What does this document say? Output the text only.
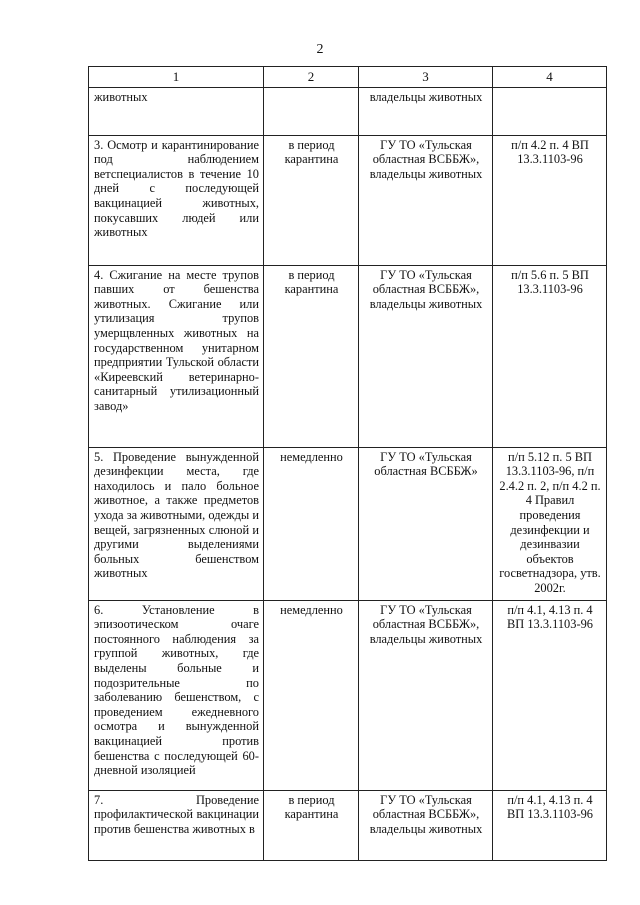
2
1	2	3	4
животных		владельцы животных	
3. Осмотр и карантинирование под наблюдением ветспециалистов в течение 10 дней с последующей вакцинацией животных, покусавших людей или животных	в период карантина	ГУ ТО «Тульская областная ВСББЖ», владельцы животных	п/п 4.2 п. 4 ВП 13.3.1103-96
4. Сжигание на месте трупов павших от бешенства животных. Сжигание или утилизация трупов умерщвленных животных на государственном унитарном предприятии Тульской области «Киреевский ветеринарно-санитарный утилизационный завод»	в период карантина	ГУ ТО «Тульская областная ВСББЖ», владельцы животных	п/п 5.6 п. 5 ВП 13.3.1103-96
5. Проведение вынужденной дезинфекции места, где находилось и пало больное животное, а также предметов ухода за животными, одежды и вещей, загрязненных слюной и другими выделениями больных бешенством животных	немедленно	ГУ ТО «Тульская областная ВСББЖ»	п/п 5.12 п. 5 ВП 13.3.1103-96, п/п 2.4.2 п. 2, п/п 4.2 п. 4 Правил проведения дезинфекции и дезинвазии объектов госветнадзора, утв. 2002г.
6. Установление в эпизоотическом очаге постоянного наблюдения за группой животных, где выделены больные и подозрительные по заболеванию бешенством, с проведением ежедневного осмотра и вынужденной вакцинацией против бешенства с последующей 60-дневной изоляцией	немедленно	ГУ ТО «Тульская областная ВСББЖ», владельцы животных	п/п 4.1, 4.13 п. 4 ВП 13.3.1103-96
7. Проведение профилактической вакцинации против бешенства животных в	в период карантина	ГУ ТО «Тульская областная ВСББЖ», владельцы животных	п/п 4.1, 4.13 п. 4 ВП 13.3.1103-96
